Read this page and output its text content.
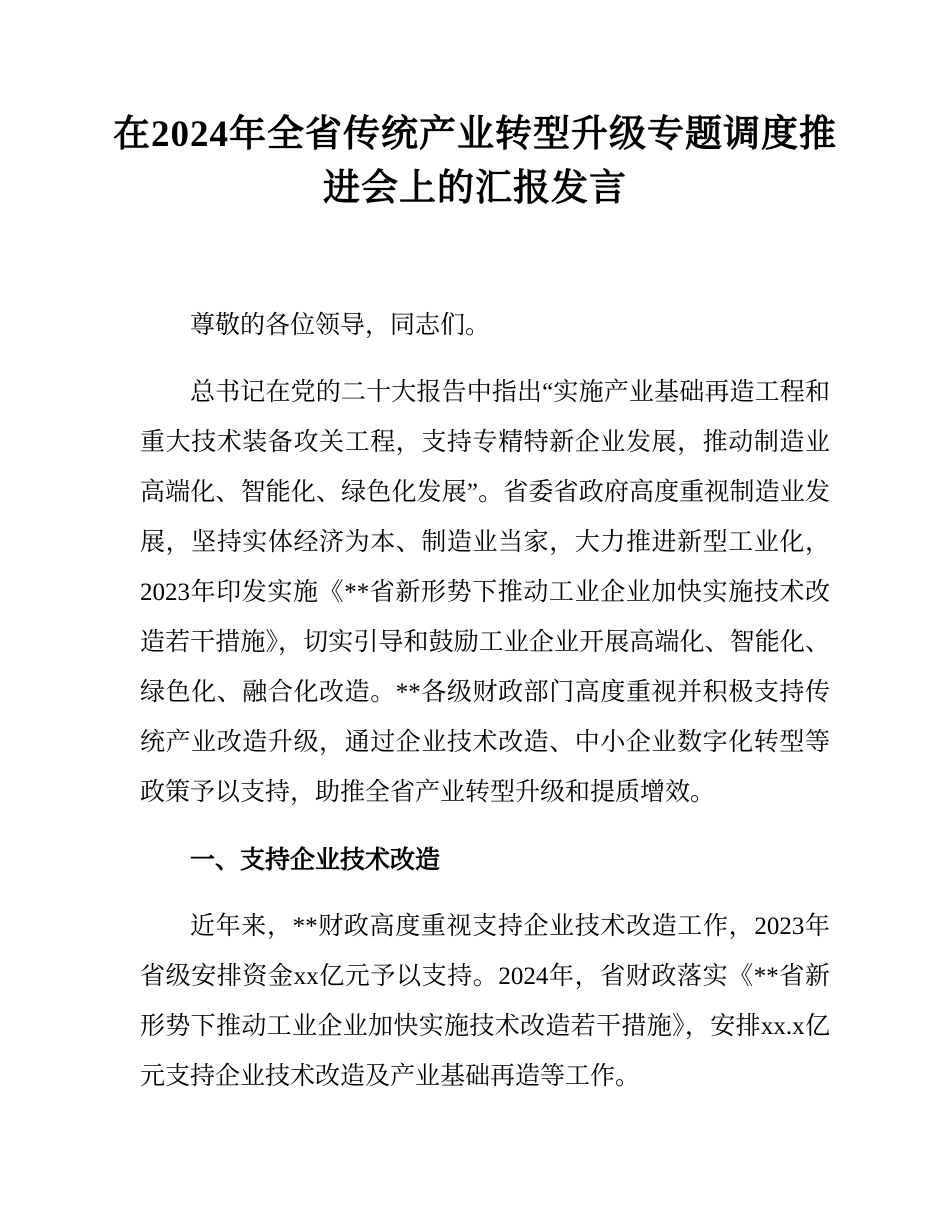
在2024年全省传统产业转型升级专题调度推进会上的汇报发言

尊敬的各位领导，同志们。

总书记在党的二十大报告中指出“实施产业基础再造工程和重大技术装备攻关工程，支持专精特新企业发展，推动制造业高端化、智能化、绿色化发展”。省委省政府高度重视制造业发展，坚持实体经济为本、制造业当家，大力推进新型工业化，2023年印发实施《**省新形势下推动工业企业加快实施技术改造若干措施》，切实引导和鼓励工业企业开展高端化、智能化、绿色化、融合化改造。**各级财政部门高度重视并积极支持传统产业改造升级，通过企业技术改造、中小企业数字化转型等政策予以支持，助推全省产业转型升级和提质增效。

一、支持企业技术改造

近年来，**财政高度重视支持企业技术改造工作，2023年省级安排资金xx亿元予以支持。2024年，省财政落实《**省新形势下推动工业企业加快实施技术改造若干措施》，安排xx.x亿元支持企业技术改造及产业基础再造等工作。
